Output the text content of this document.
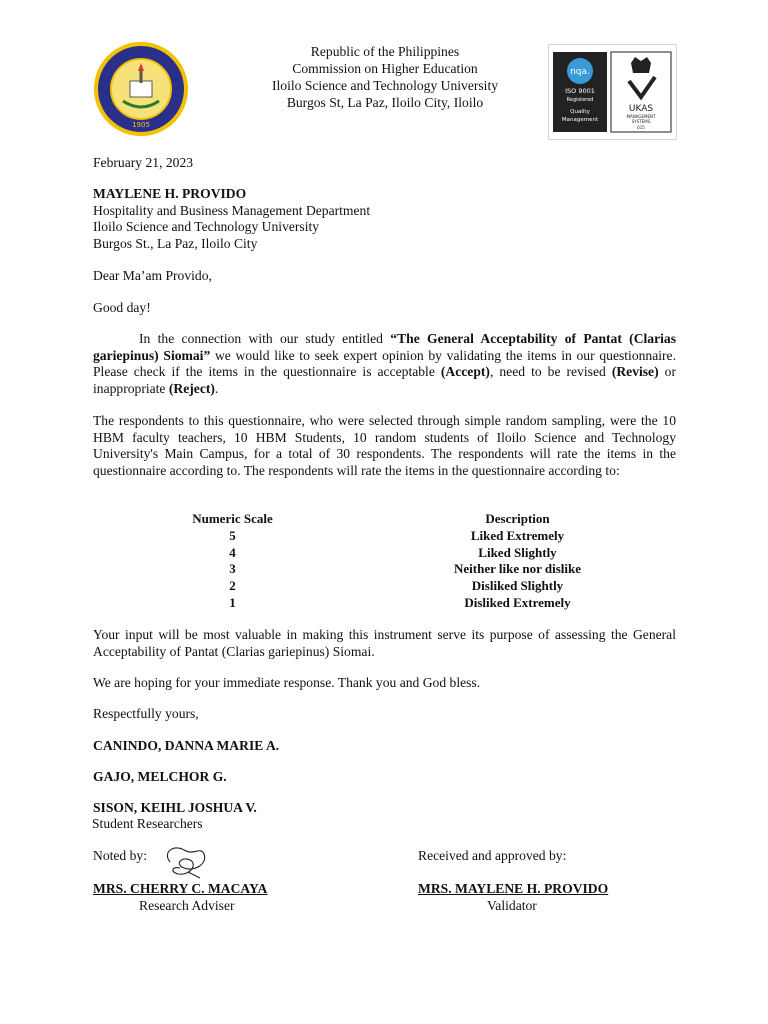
1905
Republic of the Philippines
Commission on Higher Education
Iloilo Science and Technology University
Burgos St, La Paz, Iloilo City, Iloilo
nqa.
ISO 9001
Registered
Quality
Management
UKAS
MANAGEMENT
SYSTEMS
015
February 21, 2023
MAYLENE H. PROVIDO
Hospitality and Business Management Department
Iloilo Science and Technology University
Burgos St., La Paz, Iloilo City
Dear Ma’am Provido,
Good day!
In the connection with our study entitled “The General Acceptability of Pantat (Clarias gariepinus) Siomai” we would like to seek expert opinion by validating the items in our questionnaire. Please check if the items in the questionnaire is acceptable (Accept), need to be revised (Revise) or inappropriate (Reject).
The respondents to this questionnaire, who were selected through simple random sampling, were the 10 HBM faculty teachers, 10 HBM Students, 10 random students of Iloilo Science and Technology University's Main Campus, for a total of 30 respondents. The respondents will rate the items in the questionnaire according to. The respondents will rate the items in the questionnaire according to:
Numeric Scale	Description
5	Liked Extremely
4	Liked Slightly
3	Neither like nor dislike
2	Disliked Slightly
1	Disliked Extremely
Your input will be most valuable in making this instrument serve its purpose of assessing the General Acceptability of Pantat (Clarias gariepinus) Siomai.
We are hoping for your immediate response. Thank you and God bless.
Respectfully yours,
CANINDO, DANNA MARIE A.
GAJO, MELCHOR G.
SISON, KEIHL JOSHUA V.
Student Researchers
Noted by:	Received and approved by:
MRS. CHERRY C. MACAYA
Research Adviser
MRS. MAYLENE H. PROVIDO
Validator
